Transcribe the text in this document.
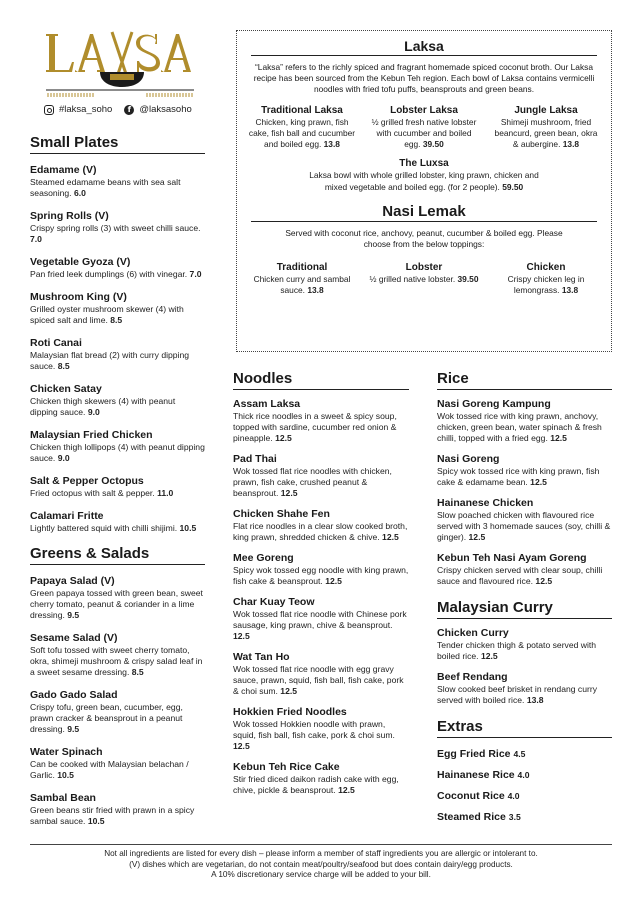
#laksa_soho	f @laksasoho
Small Plates
Edamame (V)
Steamed edamame beans with sea salt seasoning. 6.0
Spring Rolls (V)
Crispy spring rolls (3) with sweet chilli sauce. 7.0
Vegetable Gyoza (V)
Pan fried leek dumplings (6) with vinegar. 7.0
Mushroom King (V)
Grilled oyster mushroom skewer (4) with spiced salt and lime. 8.5
Roti Canai
Malaysian flat bread (2) with curry dipping sauce. 8.5
Chicken Satay
Chicken thigh skewers (4) with peanut dipping sauce. 9.0
Malaysian Fried Chicken
Chicken thigh lollipops (4) with peanut dipping sauce. 9.0
Salt & Pepper Octopus
Fried octopus with salt & pepper. 11.0
Calamari Fritte
Lightly battered squid with chilli shijimi. 10.5
Greens & Salads
Papaya Salad (V)
Green papaya tossed with green bean, sweet cherry tomato, peanut & coriander in a lime dressing. 9.5
Sesame Salad (V)
Soft tofu tossed with sweet cherry tomato, okra, shimeji mushroom & crispy salad leaf in a sweet sesame dressing. 8.5
Gado Gado Salad
Crispy tofu, green bean, cucumber, egg, prawn cracker & beansprout in a peanut dressing. 9.5
Water Spinach
Can be cooked with Malaysian belachan / Garlic. 10.5
Sambal Bean
Green beans stir fried with prawn in a spicy sambal sauce. 10.5
Laksa
“Laksa” refers to the richly spiced and fragrant homemade spiced coconut broth. Our Laksa recipe has been sourced from the Kebun Teh region. Each bowl of Laksa contains vermicelli noodles with fried tofu puffs, beansprouts and green beans.
Traditional Laksa
Chicken, king prawn, fish cake, fish ball and cucumber and boiled egg. 13.8
Lobster Laksa
½ grilled fresh native lobster with cucumber and boiled egg. 39.50
Jungle Laksa
Shimeji mushroom, fried beancurd, green bean, okra & aubergine. 13.8
The Luxsa
Laksa bowl with whole grilled lobster, king prawn, chicken and mixed vegetable and boiled egg. (for 2 people). 59.50
Nasi Lemak
Served with coconut rice, anchovy, peanut, cucumber & boiled egg. Please choose from the below toppings:
Traditional
Chicken curry and sambal sauce. 13.8
Lobster
½ grilled native lobster. 39.50
Chicken
Crispy chicken leg in lemongrass. 13.8
Noodles
Assam Laksa
Thick rice noodles in a sweet & spicy soup, topped with sardine, cucumber red onion & pineapple. 12.5
Pad Thai
Wok tossed flat rice noodles with chicken, prawn, fish cake, crushed peanut & beansprout. 12.5
Chicken Shahe Fen
Flat rice noodles in a clear slow cooked broth, king prawn, shredded chicken & chive. 12.5
Mee Goreng
Spicy wok tossed egg noodle with king prawn, fish cake & beansprout. 12.5
Char Kuay Teow
Wok tossed flat rice noodle with Chinese pork sausage, king prawn, chive & beansprout. 12.5
Wat Tan Ho
Wok tossed flat rice noodle with egg gravy sauce, prawn, squid, fish ball, fish cake, pork & choi sum. 12.5
Hokkien Fried Noodles
Wok tossed Hokkien noodle with prawn, squid, fish ball, fish cake, pork & choi sum. 12.5
Kebun Teh Rice Cake
Stir fried diced daikon radish cake with egg, chive, pickle & beansprout. 12.5
Rice
Nasi Goreng Kampung
Wok tossed rice with king prawn, anchovy, chicken, green bean, water spinach & fresh chilli, topped with a fried egg. 12.5
Nasi Goreng
Spicy wok tossed rice with king prawn, fish cake & edamame bean. 12.5
Hainanese Chicken
Slow poached chicken with flavoured rice served with 3 homemade sauces (soy, chilli & ginger). 12.5
Kebun Teh Nasi Ayam Goreng
Crispy chicken served with clear soup, chilli sauce and flavoured rice. 12.5
Malaysian Curry
Chicken Curry
Tender chicken thigh & potato served with boiled rice. 12.5
Beef Rendang
Slow cooked beef brisket in rendang curry served with boiled rice. 13.8
Extras
Egg Fried Rice 4.5
Hainanese Rice 4.0
Coconut Rice 4.0
Steamed Rice 3.5
Not all ingredients are listed for every dish – please inform a member of staff ingredients you are allergic or intolerant to.
(V) dishes which are vegetarian, do not contain meat/poultry/seafood but does contain dairy/egg products.
A 10% discretionary service charge will be added to your bill.
